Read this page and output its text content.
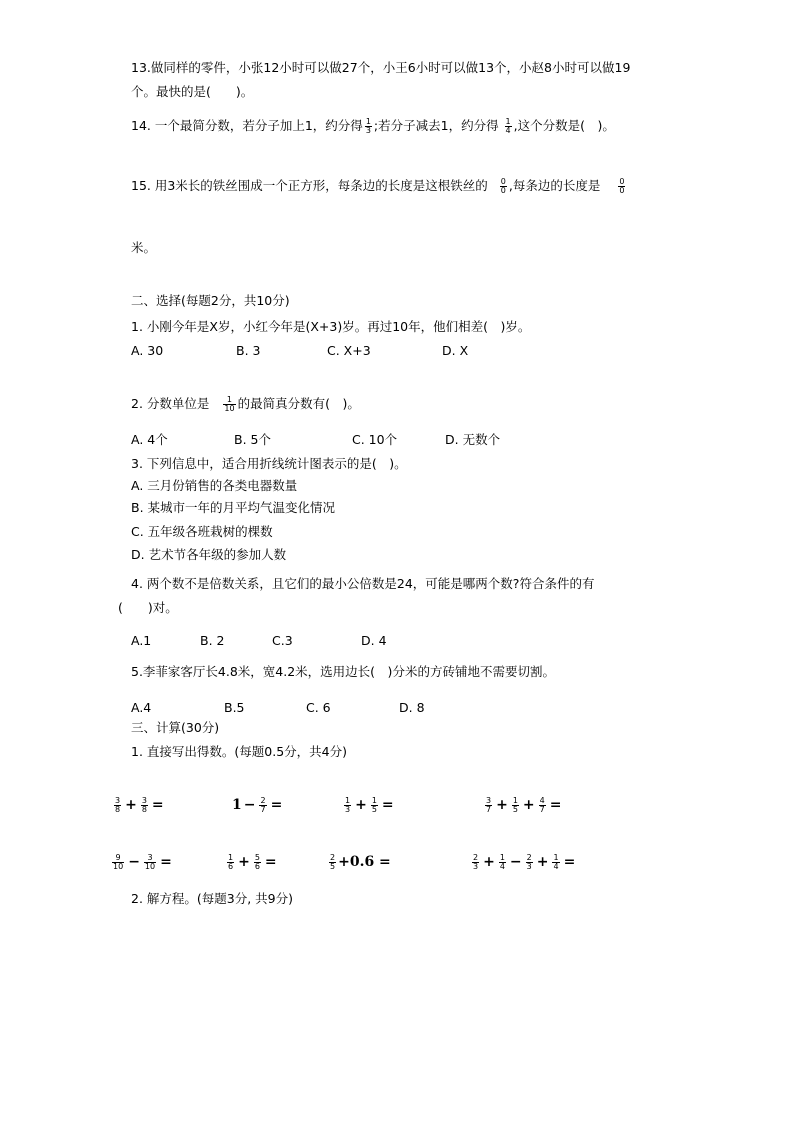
13.做同样的零件，小张12小时可以做27个，小王6小时可以做13个，小赵8小时可以做19
个。最快的是(　　)。
14. 一个最简分数，若分子加上1，约分得 $\frac{1}{3}$ ;若分子减去1，约分得 $\frac{1}{4}$ ,这个分数是(　)。
15. 用3米长的铁丝围成一个正方形，每条边的长度是这根铁丝的 $\frac{0}{0}$ ,每条边的长度是 $\frac{0}{0}$
米。
二、选择(每题2分，共10分)
1. 小刚今年是X岁，小红今年是(X+3)岁。再过10年，他们相差(　)岁。
A. 30	B. 3	C. X+3	D. X
2. 分数单位是 $\frac{1}{10}$ 的最简真分数有(　)。
A. 4个	B. 5个	C. 10个	D. 无数个
3. 下列信息中，适合用折线统计图表示的是(　)。
A. 三月份销售的各类电器数量
B. 某城市一年的月平均气温变化情况
C. 五年级各班栽树的棵数
D. 艺术节各年级的参加人数
4. 两个数不是倍数关系，且它们的最小公倍数是24，可能是哪两个数?符合条件的有
(　　)对。
A.1	B. 2	C.3	D. 4
5.李菲家客厅长4.8米，宽4.2米，选用边长(　)分米的方砖铺地不需要切割。
A.4	B.5	C. 6	D. 8
三、计算(30分)
1. 直接写出得数。(每题0.5分，共4分)
$\frac{3}{8} + \frac{3}{8}$ =	$1 - \frac{2}{7}$ =	$\frac{1}{3} + \frac{1}{5}$ =	$\frac{3}{7} + \frac{1}{5} + \frac{4}{7}$ =
$\frac{9}{10} - \frac{3}{10}$ =	$\frac{1}{6} + \frac{5}{6}$ =	$\frac{2}{5} +0.6$ =	$\frac{2}{3} + \frac{1}{4} - \frac{2}{3} + \frac{1}{4}$ =
2. 解方程。(每题3分, 共9分)
